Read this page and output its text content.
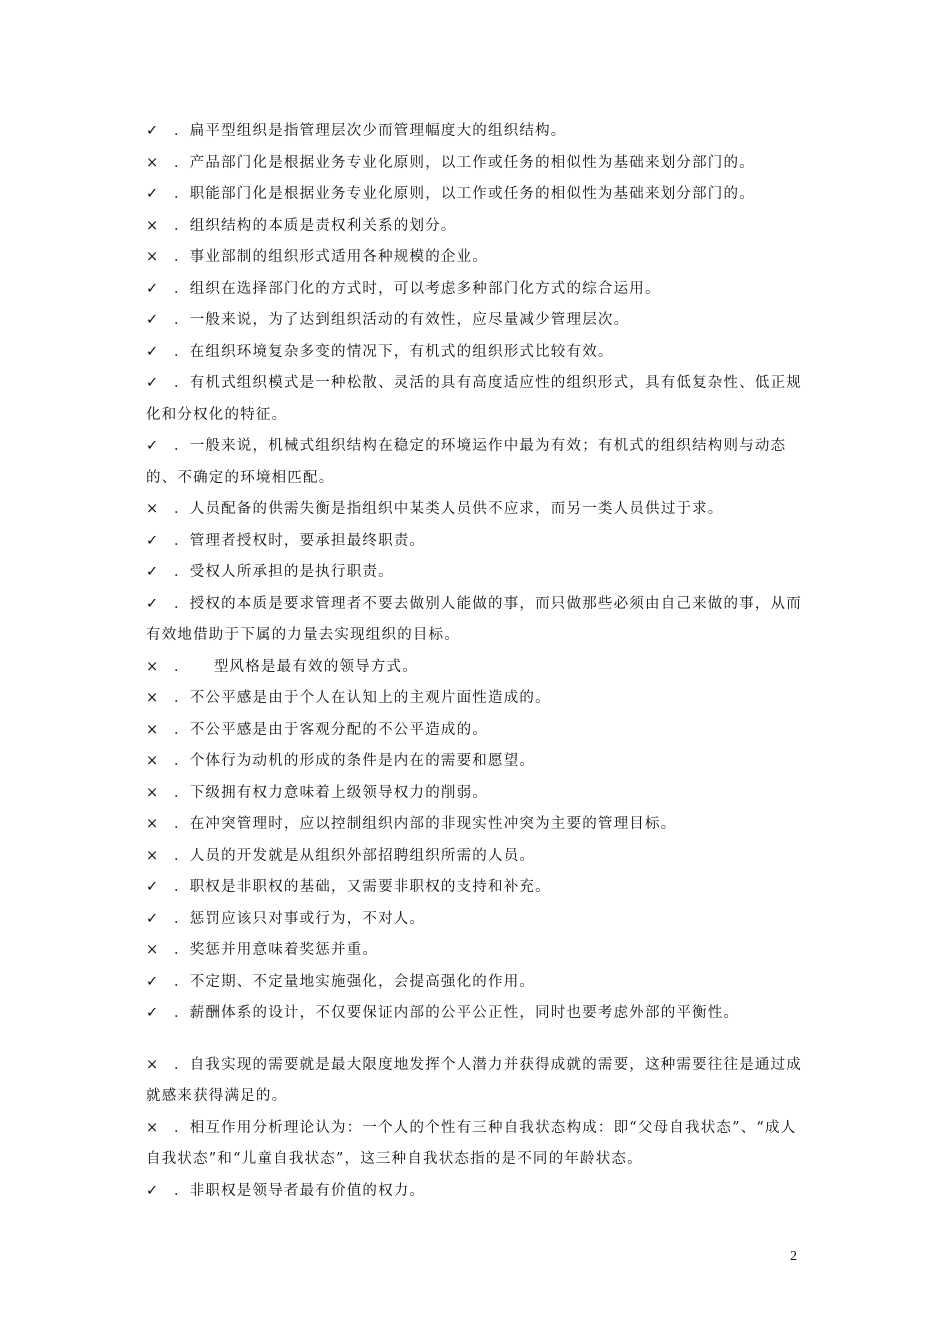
✓ ．扁平型组织是指管理层次少而管理幅度大的组织结构。
× ．产品部门化是根据业务专业化原则，以工作或任务的相似性为基础来划分部门的。
✓ ．职能部门化是根据业务专业化原则，以工作或任务的相似性为基础来划分部门的。
× ．组织结构的本质是责权利关系的划分。
× ．事业部制的组织形式适用各种规模的企业。
✓ ．组织在选择部门化的方式时，可以考虑多种部门化方式的综合运用。
✓ ．一般来说，为了达到组织活动的有效性，应尽量减少管理层次。
✓ ．在组织环境复杂多变的情况下，有机式的组织形式比较有效。
✓ ．有机式组织模式是一种松散、灵活的具有高度适应性的组织形式，具有低复杂性、低正规化和分权化的特征。
✓ ．一般来说，机械式组织结构在稳定的环境运作中最为有效；有机式的组织结构则与动态的、不确定的环境相匹配。
× ．人员配备的供需失衡是指组织中某类人员供不应求，而另一类人员供过于求。
✓ ．管理者授权时，要承担最终职责。
✓ ．受权人所承担的是执行职责。
✓ ．授权的本质是要求管理者不要去做别人能做的事，而只做那些必须由自己来做的事，从而有效地借助于下属的力量去实现组织的目标。
× ．　　型风格是最有效的领导方式。
× ．不公平感是由于个人在认知上的主观片面性造成的。
× ．不公平感是由于客观分配的不公平造成的。
× ．个体行为动机的形成的条件是内在的需要和愿望。
× ．下级拥有权力意味着上级领导权力的削弱。
× ．在冲突管理时，应以控制组织内部的非现实性冲突为主要的管理目标。
× ．人员的开发就是从组织外部招聘组织所需的人员。
✓ ．职权是非职权的基础，又需要非职权的支持和补充。
✓ ．惩罚应该只对事或行为，不对人。
× ．奖惩并用意味着奖惩并重。
✓ ．不定期、不定量地实施强化，会提高强化的作用。
✓ ．薪酬体系的设计，不仅要保证内部的公平公正性，同时也要考虑外部的平衡性。
× ．自我实现的需要就是最大限度地发挥个人潜力并获得成就的需要，这种需要往往是通过成就感来获得满足的。
× ．相互作用分析理论认为：一个人的个性有三种自我状态构成：即“父母自我状态”、“成人自我状态”和“儿童自我状态”，这三种自我状态指的是不同的年龄状态。
✓ ．非职权是领导者最有价值的权力。
2
